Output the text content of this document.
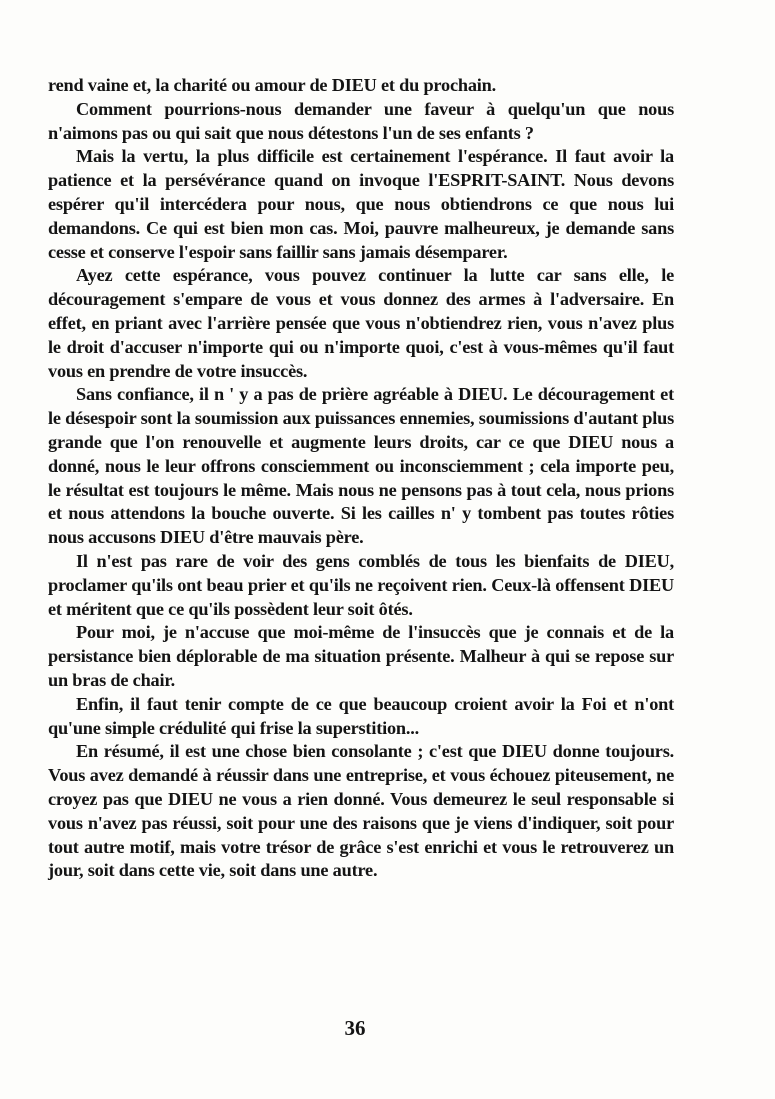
rend vaine et, la charité ou amour de DIEU et du prochain.

Comment pourrions-nous demander une faveur à quelqu'un que nous n'aimons pas ou qui sait que nous détestons l'un de ses enfants ?

Mais la vertu, la plus difficile est certainement l'espérance. Il faut avoir la patience et la persévérance quand on invoque l'ESPRIT-SAINT. Nous devons espérer qu'il intercédera pour nous, que nous obtiendrons ce que nous lui demandons. Ce qui est bien mon cas. Moi, pauvre malheureux, je demande sans cesse et conserve l'espoir sans faillir sans jamais désemparer.

Ayez cette espérance, vous pouvez continuer la lutte car sans elle, le découragement s'empare de vous et vous donnez des armes à l'adversaire. En effet, en priant avec l'arrière pensée que vous n'obtiendrez rien, vous n'avez plus le droit d'accuser n'importe qui ou n'importe quoi, c'est à vous-mêmes qu'il faut vous en prendre de votre insuccès.

Sans confiance, il n ' y a pas de prière agréable à DIEU. Le découragement et le désespoir sont la soumission aux puissances ennemies, soumissions d'autant plus grande que l'on renouvelle et augmente leurs droits, car ce que DIEU nous a donné, nous le leur offrons consciemment ou inconsciemment ; cela importe peu, le résultat est toujours le même. Mais nous ne pensons pas à tout cela, nous prions et nous attendons la bouche ouverte. Si les cailles n' y tombent pas toutes rôties nous accusons DIEU d'être mauvais père.

Il n'est pas rare de voir des gens comblés de tous les bienfaits de DIEU, proclamer qu'ils ont beau prier et qu'ils ne reçoivent rien. Ceux-là offensent DIEU et méritent que ce qu'ils possèdent leur soit ôtés.

Pour moi, je n'accuse que moi-même de l'insuccès que je connais et de la persistance bien déplorable de ma situation présente. Malheur à qui se repose sur un bras de chair.

Enfin, il faut tenir compte de ce que beaucoup croient avoir la Foi et n'ont qu'une simple crédulité qui frise la superstition...

En résumé, il est une chose bien consolante ; c'est que DIEU donne toujours. Vous avez demandé à réussir dans une entreprise, et vous échouez piteusement, ne croyez pas que DIEU ne vous a rien donné. Vous demeurez le seul responsable si vous n'avez pas réussi, soit pour une des raisons que je viens d'indiquer, soit pour tout autre motif, mais votre trésor de grâce s'est enrichi et vous le retrouverez un jour, soit dans cette vie, soit dans une autre.

36
